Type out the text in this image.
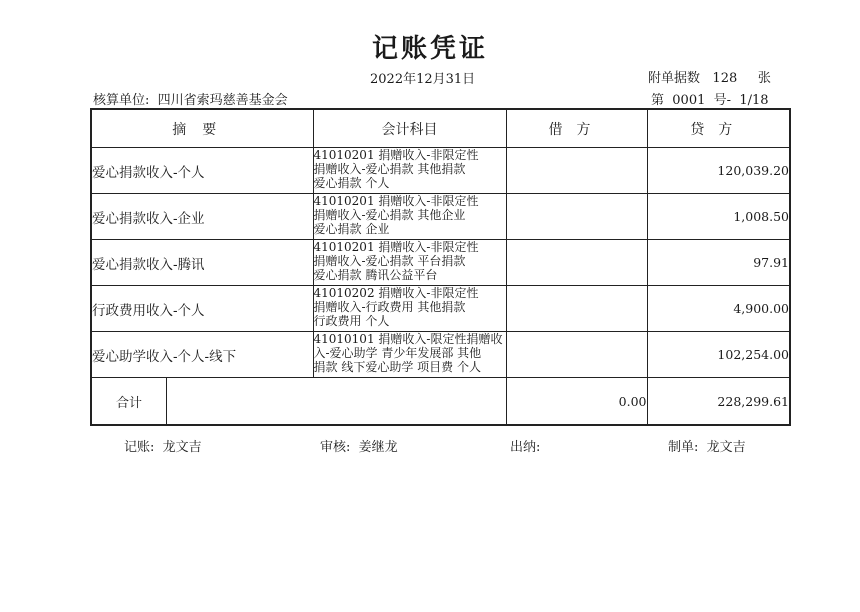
记账凭证
2022年12月31日	附单据数 128 张
核算单位: 四川省索玛慈善基金会	第 0001 号- 1/18
摘要	会计科目	借方	贷方
爱心捐款收入-个人	41010201 捐赠收入-非限定性
捐赠收入-爱心捐款 其他捐款
爱心捐款 个人		120,039.20
爱心捐款收入-企业	41010201 捐赠收入-非限定性
捐赠收入-爱心捐款 其他企业
爱心捐款 企业		1,008.50
爱心捐款收入-腾讯	41010201 捐赠收入-非限定性
捐赠收入-爱心捐款 平台捐款
爱心捐款 腾讯公益平台		97.91
行政费用收入-个人	41010202 捐赠收入-非限定性
捐赠收入-行政费用 其他捐款
行政费用 个人		4,900.00
爱心助学收入-个人-线下	41010101 捐赠收入-限定性捐赠收
入-爱心助学 青少年发展部 其他
捐款 线下爱心助学 项目费 个人		102,254.00

合计		0.00	228,299.61
记账: 龙文吉	审核: 姜继龙	出纳:	制单: 龙文吉
